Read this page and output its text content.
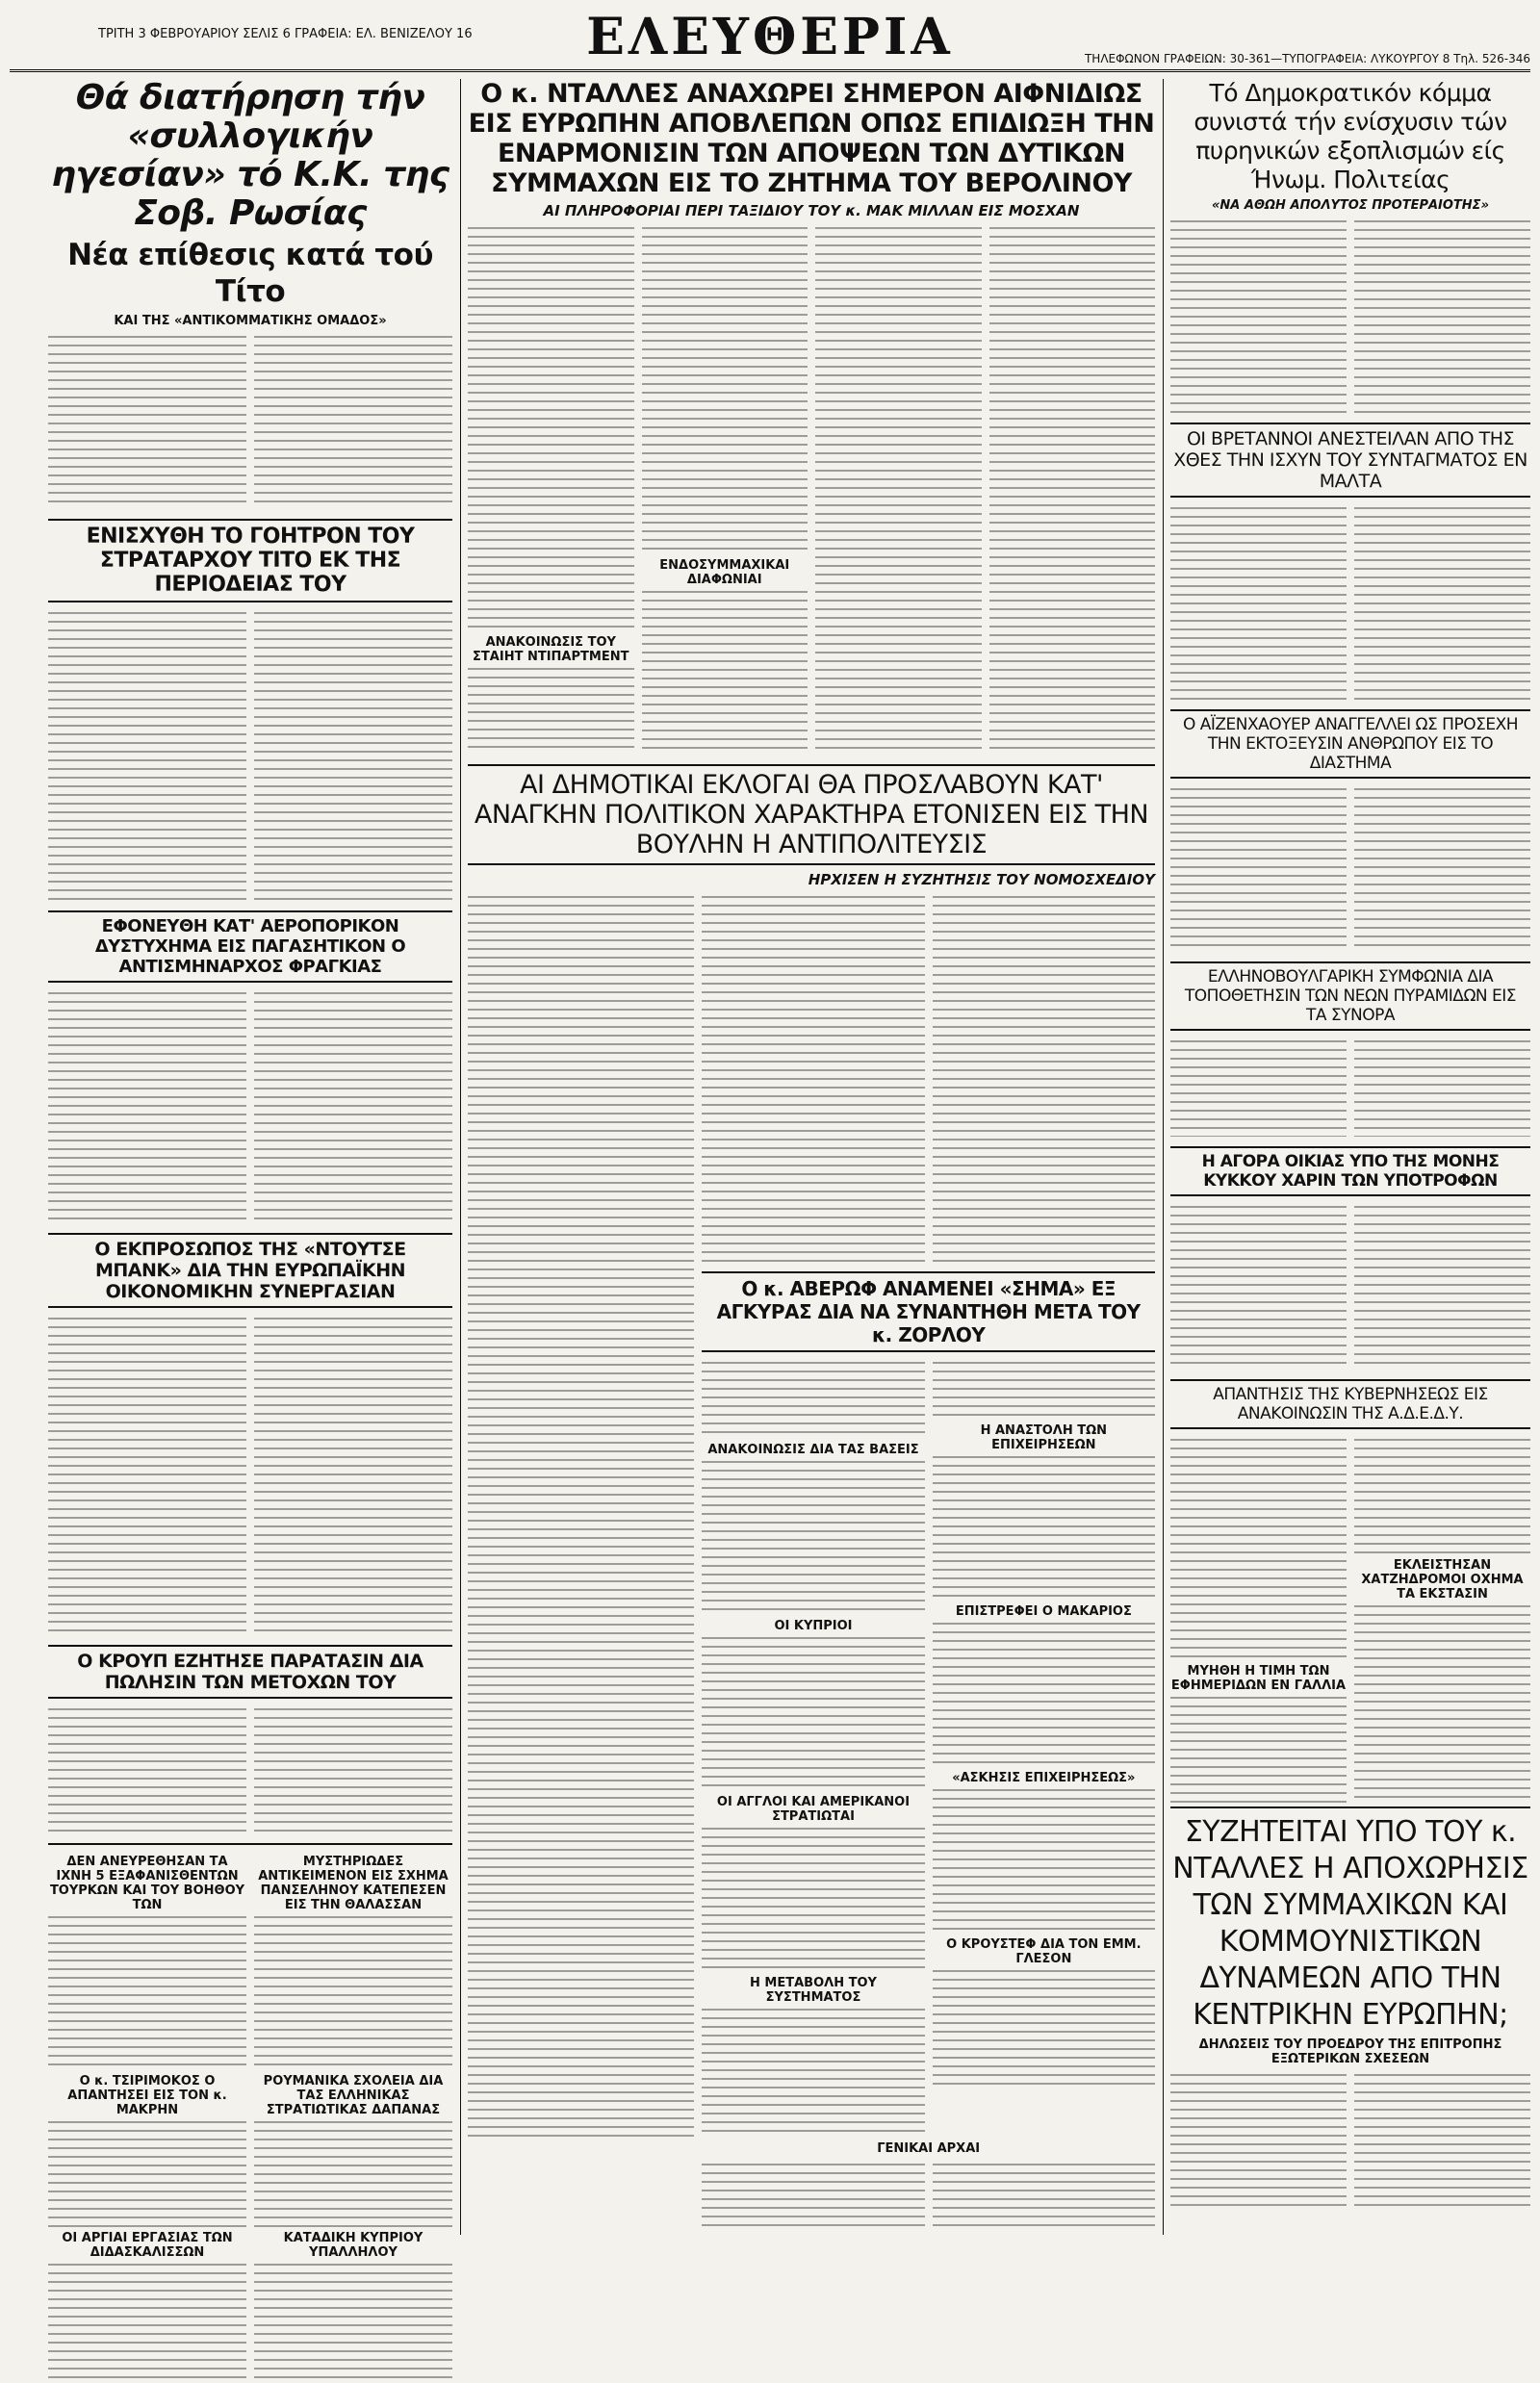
ΤΡΙΤΗ 3 ΦΕΒΡΟΥΑΡΙΟΥ ΣΕΛΙΣ 6 ΓΡΑΦΕΙΑ: ΕΛ. ΒΕΝΙΖΕΛΟΥ 16	ΕΛΕΥΘΕΡΙΑ	ΤΗΛΕΦΩΝΟΝ ΓΡΑΦΕΙΩΝ: 30-361—ΤΥΠΟΓΡΑΦΕΙΑ: ΛΥΚΟΥΡΓΟΥ 8 Τηλ. 526-346
Θά διατήρηση τήν «συλλογικήν ηγεσίαν» τό Κ.Κ. της Σοβ. Ρωσίας
Νέα επίθεσις κατά τού Τίτο
ΚΑΙ ΤΗΣ «ΑΝΤΙΚΟΜΜΑΤΙΚΗΣ ΟΜΑΔΟΣ»
ΕΝΙΣΧΥΘΗ ΤΟ ΓΟΗΤΡΟΝ ΤΟΥ ΣΤΡΑΤΑΡΧΟΥ ΤΙΤΟ ΕΚ ΤΗΣ ΠΕΡΙΟΔΕΙΑΣ ΤΟΥ
ΕΦΟΝΕΥΘΗ ΚΑΤ' ΑΕΡΟΠΟΡΙΚΟΝ ΔΥΣΤΥΧΗΜΑ ΕΙΣ ΠΑΓΑΣΗΤΙΚΟΝ Ο ΑΝΤΙΣΜΗΝΑΡΧΟΣ ΦΡΑΓΚΙΑΣ
Ο ΕΚΠΡΟΣΩΠΟΣ ΤΗΣ «ΝΤΟΥΤΣΕ ΜΠΑΝΚ» ΔΙΑ ΤΗΝ ΕΥΡΩΠΑΪΚΗΝ ΟΙΚΟΝΟΜΙΚΗΝ ΣΥΝΕΡΓΑΣΙΑΝ
Ο ΚΡΟΥΠ ΕΖΗΤΗΣΕ ΠΑΡΑΤΑΣΙΝ ΔΙΑ ΠΩΛΗΣΙΝ ΤΩΝ ΜΕΤΟΧΩΝ ΤΟΥ
ΔΕΝ ΑΝΕΥΡΕΘΗΣΑΝ ΤΑ ΙΧΝΗ 5 ΕΞΑΦΑΝΙΣΘΕΝΤΩΝ ΤΟΥΡΚΩΝ ΚΑΙ ΤΟΥ ΒΟΗΘΟΥ ΤΩΝ
Ο κ. ΤΣΙΡΙΜΟΚΟΣ Ο ΑΠΑΝΤΗΣΕΙ ΕΙΣ ΤΟΝ κ. ΜΑΚΡΗΝ
ΟΙ ΑΡΓΙΑΙ ΕΡΓΑΣΙΑΣ ΤΩΝ ΔΙΔΑΣΚΑΛΙΣΣΩΝ
ΜΥΣΤΗΡΙΩΔΕΣ ΑΝΤΙΚΕΙΜΕΝΟΝ ΕΙΣ ΣΧΗΜΑ ΠΑΝΣΕΛΗΝΟΥ ΚΑΤΕΠΕΣΕΝ ΕΙΣ ΤΗΝ ΘΑΛΑΣΣΑΝ
ΡΟΥΜΑΝΙΚΑ ΣΧΟΛΕΙΑ ΔΙΑ ΤΑΣ ΕΛΛΗΝΙΚΑΣ ΣΤΡΑΤΙΩΤΙΚΑΣ ΔΑΠΑΝΑΣ
ΚΑΤΑΔΙΚΗ ΚΥΠΡΙΟΥ ΥΠΑΛΛΗΛΟΥ
Ο κ. ΝΤΑΛΛΕΣ ΑΝΑΧΩΡΕΙ ΣΗΜΕΡΟΝ ΑΙΦΝΙΔΙΩΣ ΕΙΣ ΕΥΡΩΠΗΝ ΑΠΟΒΛΕΠΩΝ ΟΠΩΣ ΕΠΙΔΙΩΞΗ ΤΗΝ ΕΝΑΡΜΟΝΙΣΙΝ ΤΩΝ ΑΠΟΨΕΩΝ ΤΩΝ ΔΥΤΙΚΩΝ ΣΥΜΜΑΧΩΝ ΕΙΣ ΤΟ ΖΗΤΗΜΑ ΤΟΥ ΒΕΡΟΛΙΝΟΥ
ΑΙ ΠΛΗΡΟΦΟΡΙΑΙ ΠΕΡΙ ΤΑΞΙΔΙΟΥ ΤΟΥ κ. ΜΑΚ ΜΙΛΛΑΝ ΕΙΣ ΜΟΣΧΑΝ
ΑΝΑΚΟΙΝΩΣΙΣ ΤΟΥ ΣΤΑΙΗΤ ΝΤΙΠΑΡΤΜΕΝΤ
ΕΝΔΟΣΥΜΜΑΧΙΚΑΙ ΔΙΑΦΩΝΙΑΙ
ΑΙ ΔΗΜΟΤΙΚΑΙ ΕΚΛΟΓΑΙ ΘΑ ΠΡΟΣΛΑΒΟΥΝ ΚΑΤ' ΑΝΑΓΚΗΝ ΠΟΛΙΤΙΚΟΝ ΧΑΡΑΚΤΗΡΑ ΕΤΟΝΙΣΕΝ ΕΙΣ ΤΗΝ ΒΟΥΛΗΝ Η ΑΝΤΙΠΟΛΙΤΕΥΣΙΣ
ΗΡΧΙΣΕΝ Η ΣΥΖΗΤΗΣΙΣ ΤΟΥ ΝΟΜΟΣΧΕΔΙΟΥ
Ο κ. ΑΒΕΡΩΦ ΑΝΑΜΕΝΕΙ «ΣΗΜΑ» ΕΞ ΑΓΚΥΡΑΣ ΔΙΑ ΝΑ ΣΥΝΑΝΤΗΘΗ ΜΕΤΑ ΤΟΥ κ. ΖΟΡΛΟΥ
ΑΝΑΚΟΙΝΩΣΙΣ ΔΙΑ ΤΑΣ ΒΑΣΕΙΣ
ΟΙ ΚΥΠΡΙΟΙ
ΟΙ ΑΓΓΛΟΙ ΚΑΙ ΑΜΕΡΙΚΑΝΟΙ ΣΤΡΑΤΙΩΤΑΙ
Η ΜΕΤΑΒΟΛΗ ΤΟΥ ΣΥΣΤΗΜΑΤΟΣ
Η ΑΝΑΣΤΟΛΗ ΤΩΝ ΕΠΙΧΕΙΡΗΣΕΩΝ
ΕΠΙΣΤΡΕΦΕΙ Ο ΜΑΚΑΡΙΟΣ
«ΑΣΚΗΣΙΣ ΕΠΙΧΕΙΡΗΣΕΩΣ»
Ο ΚΡΟΥΣΤΕΦ ΔΙΑ ΤΟΝ ΕΜΜ. ΓΛΕΣΟΝ
ΓΕΝΙΚΑΙ ΑΡΧΑΙ
Τό Δημοκρατικόν κόμμα συνιστά τήν ενίσχυσιν τών πυρηνικών εξοπλισμών είς Ήνωμ. Πολιτείας
«ΝΑ ΑΘΩΗ ΑΠΟΛΥΤΟΣ ΠΡΟΤΕΡΑΙΟΤΗΣ»
ΟΙ ΒΡΕΤΑΝΝΟΙ ΑΝΕΣΤΕΙΛΑΝ ΑΠΟ ΤΗΣ ΧΘΕΣ ΤΗΝ ΙΣΧΥΝ ΤΟΥ ΣΥΝΤΑΓΜΑΤΟΣ ΕΝ ΜΑΛΤΑ
Ο ΑΪΖΕΝΧΑΟΥΕΡ ΑΝΑΓΓΕΛΛΕΙ ΩΣ ΠΡΟΣΕΧΗ ΤΗΝ ΕΚΤΟΞΕΥΣΙΝ ΑΝΘΡΩΠΟΥ ΕΙΣ ΤΟ ΔΙΑΣΤΗΜΑ
ΕΛΛΗΝΟΒΟΥΛΓΑΡΙΚΗ ΣΥΜΦΩΝΙΑ ΔΙΑ ΤΟΠΟΘΕΤΗΣΙΝ ΤΩΝ ΝΕΩΝ ΠΥΡΑΜΙΔΩΝ ΕΙΣ ΤΑ ΣΥΝΟΡΑ
Η ΑΓΟΡΑ ΟΙΚΙΑΣ ΥΠΟ ΤΗΣ ΜΟΝΗΣ ΚΥΚΚΟΥ ΧΑΡΙΝ ΤΩΝ ΥΠΟΤΡΟΦΩΝ
ΑΠΑΝΤΗΣΙΣ ΤΗΣ ΚΥΒΕΡΝΗΣΕΩΣ ΕΙΣ ΑΝΑΚΟΙΝΩΣΙΝ ΤΗΣ Α.Δ.Ε.Δ.Υ.
ΜΥΗΘΗ Η ΤΙΜΗ ΤΩΝ ΕΦΗΜΕΡΙΔΩΝ ΕΝ ΓΑΛΛΙΑ
ΕΚΛΕΙΣΤΗΣΑΝ ΧΑΤΖΗΔΡΟΜΟΙ ΟΧΗΜΑ ΤΑ ΕΚΣΤΑΣΙΝ
ΣΥΖΗΤΕΙΤΑΙ ΥΠΟ ΤΟΥ κ. ΝΤΑΛΛΕΣ Η ΑΠΟΧΩΡΗΣΙΣ ΤΩΝ ΣΥΜΜΑΧΙΚΩΝ ΚΑΙ ΚΟΜΜΟΥΝΙΣΤΙΚΩΝ ΔΥΝΑΜΕΩΝ ΑΠΟ ΤΗΝ ΚΕΝΤΡΙΚΗΝ ΕΥΡΩΠΗΝ;
ΔΗΛΩΣΕΙΣ ΤΟΥ ΠΡΟΕΔΡΟΥ ΤΗΣ ΕΠΙΤΡΟΠΗΣ ΕΞΩΤΕΡΙΚΩΝ ΣΧΕΣΕΩΝ
